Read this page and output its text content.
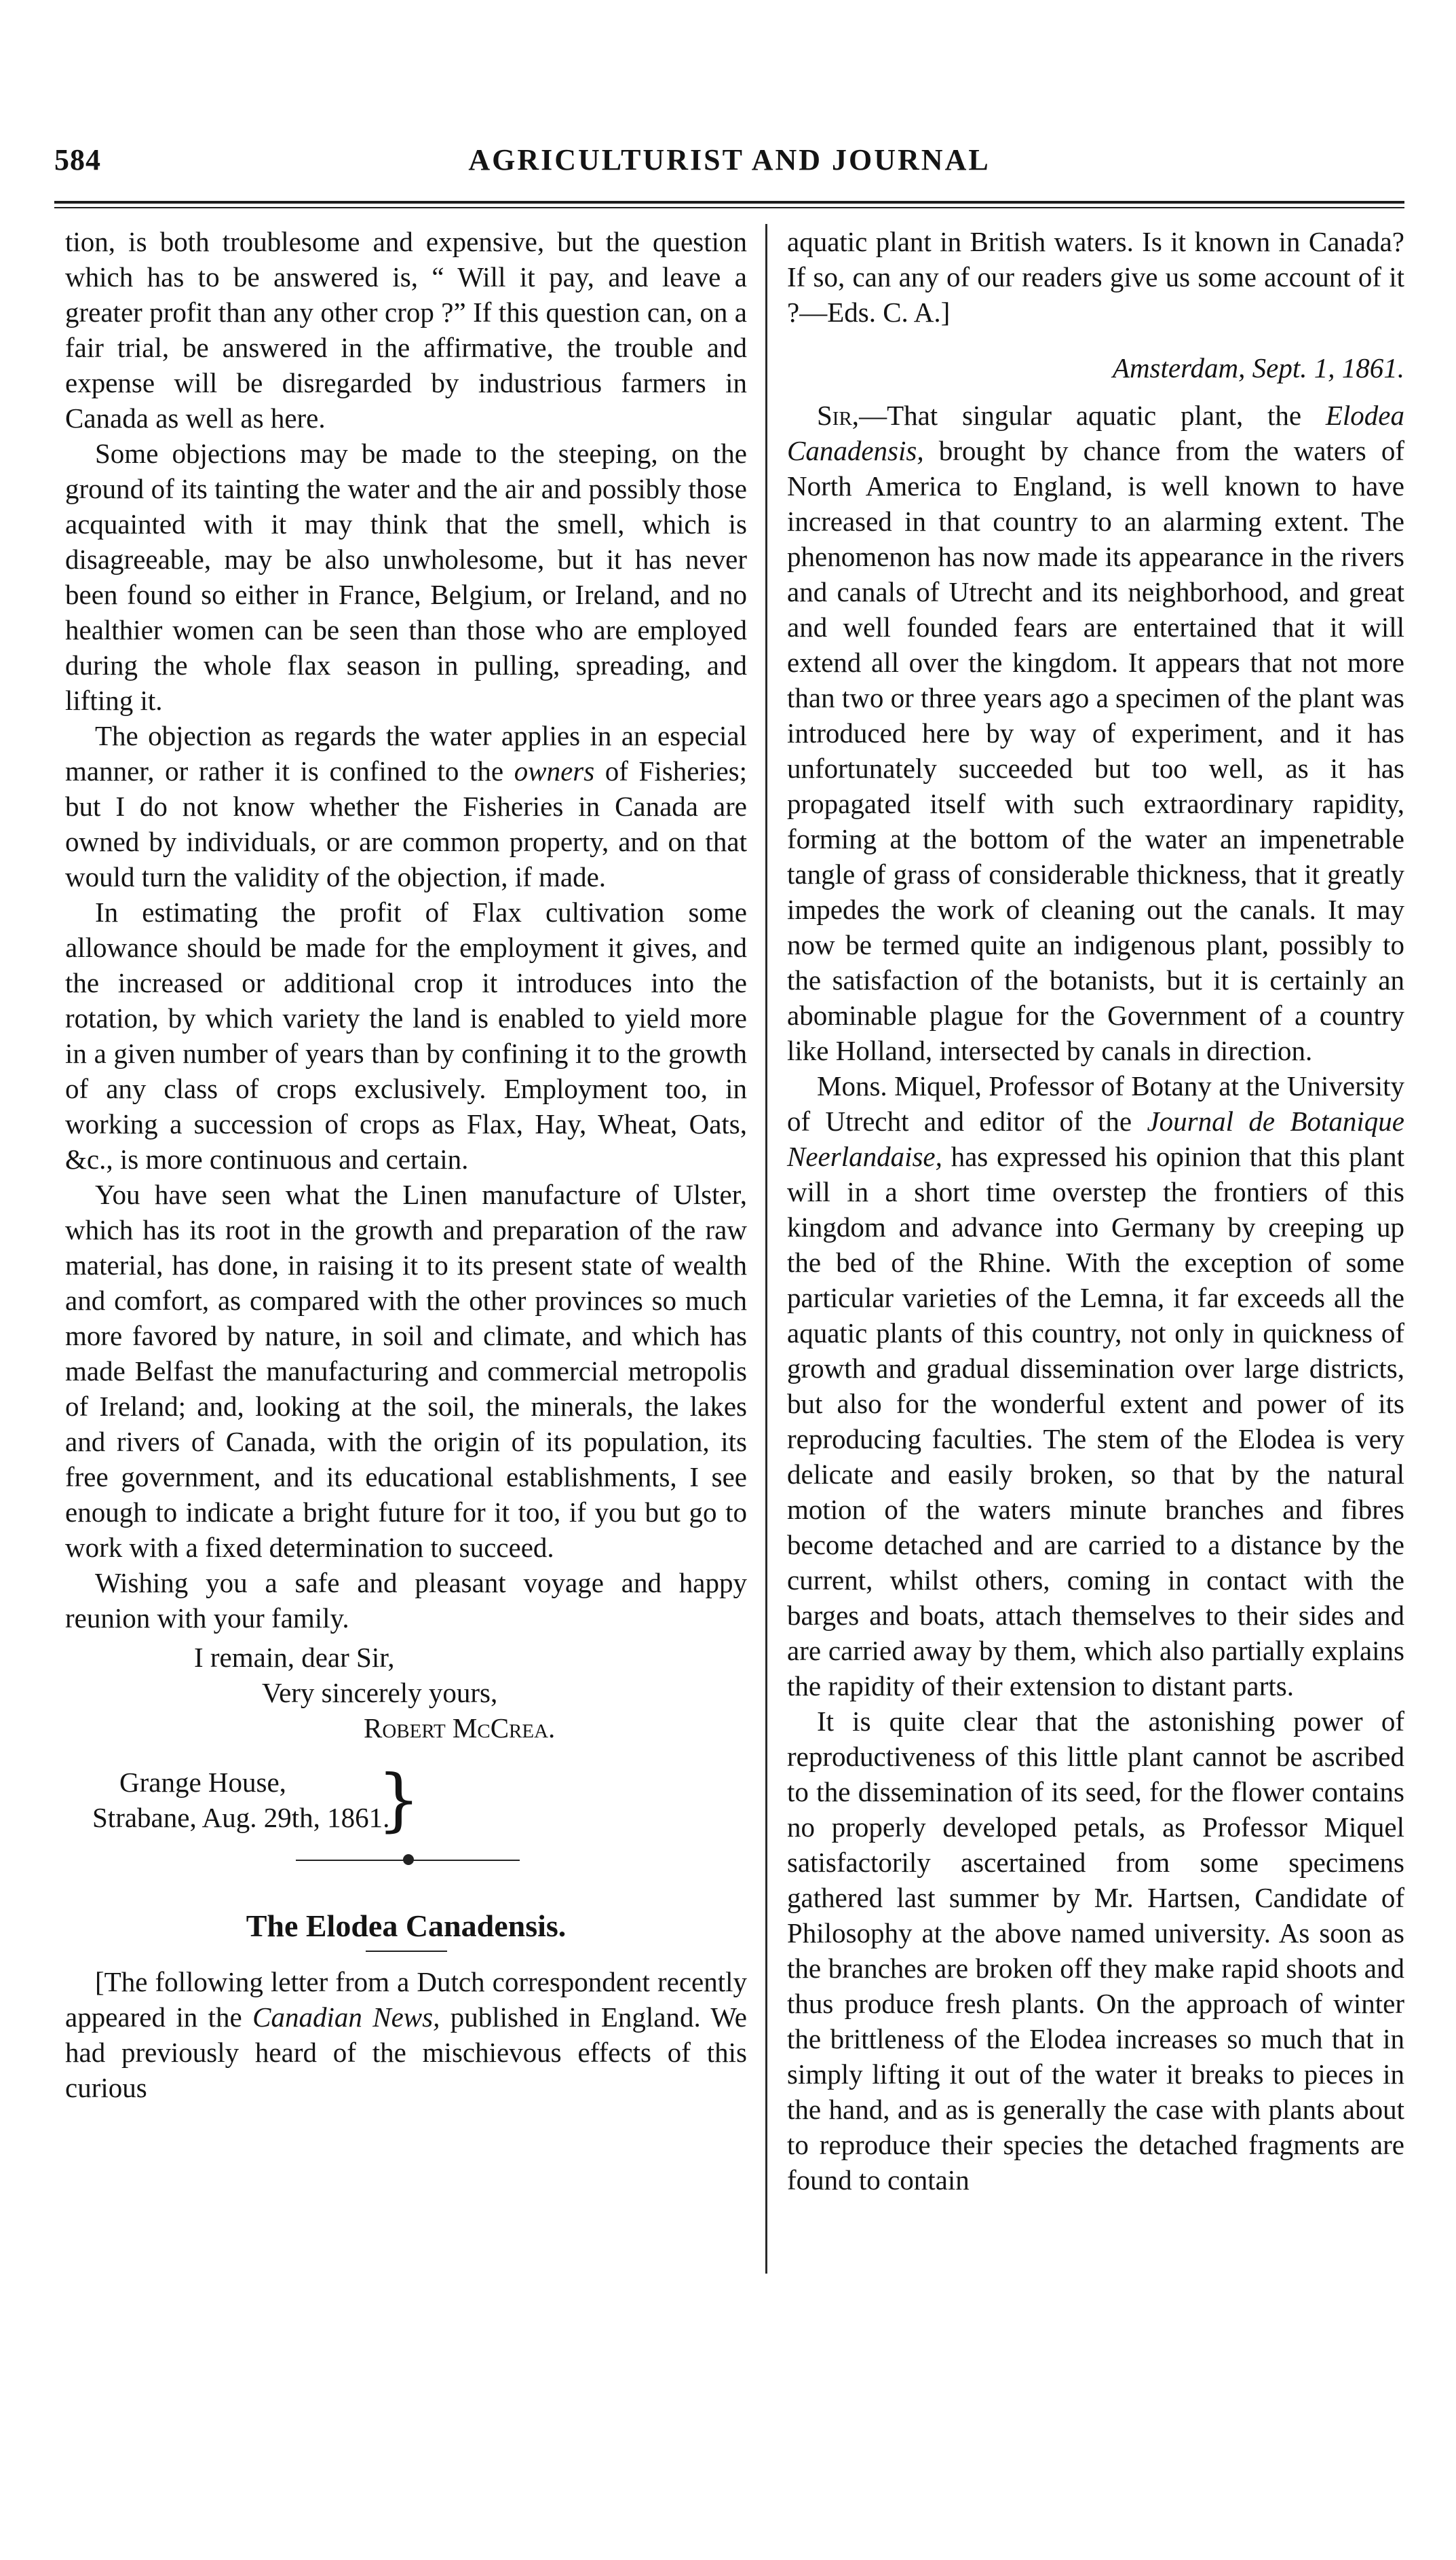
584	AGRICULTURIST AND JOURNAL

tion, is both troublesome and expensive, but the question which has to be answered is, “ Will it pay, and leave a greater profit than any other crop ?” If this question can, on a fair trial, be answered in the affirmative, the trouble and expense will be disregarded by industrious farmers in Canada as well as here.

Some objections may be made to the steeping, on the ground of its tainting the water and the air and possibly those acquainted with it may think that the smell, which is disagreeable, may be also unwholesome, but it has never been found so either in France, Belgium, or Ireland, and no healthier women can be seen than those who are employed during the whole flax season in pulling, spreading, and lifting it.

The objection as regards the water applies in an especial manner, or rather it is confined to the owners of Fisheries; but I do not know whether the Fisheries in Canada are owned by individuals, or are common property, and on that would turn the validity of the objection, if made.

In estimating the profit of Flax cultivation some allowance should be made for the employment it gives, and the increased or additional crop it introduces into the rotation, by which variety the land is enabled to yield more in a given number of years than by confining it to the growth of any class of crops exclusively. Employment too, in working a succession of crops as Flax, Hay, Wheat, Oats, &c., is more continuous and certain.

You have seen what the Linen manufacture of Ulster, which has its root in the growth and preparation of the raw material, has done, in raising it to its present state of wealth and comfort, as compared with the other provinces so much more favored by nature, in soil and climate, and which has made Belfast the manufacturing and commercial metropolis of Ireland; and, looking at the soil, the minerals, the lakes and rivers of Canada, with the origin of its population, its free government, and its educational establishments, I see enough to indicate a bright future for it too, if you but go to work with a fixed determination to succeed.

Wishing you a safe and pleasant voyage and happy reunion with your family.

I remain, dear Sir,
Very sincerely yours,
Robert McCrea.
Grange House,
Strabane, Aug. 29th, 1861.
}
The Elodea Canadensis.

[The following letter from a Dutch correspondent recently appeared in the Canadian News, published in England. We had previously heard of the mischievous effects of this curious

aquatic plant in British waters. Is it known in Canada? If so, can any of our readers give us some account of it ?—Eds. C. A.]

Amsterdam, Sept. 1, 1861.

Sir,—That singular aquatic plant, the Elodea Canadensis, brought by chance from the waters of North America to England, is well known to have increased in that country to an alarming extent. The phenomenon has now made its appearance in the rivers and canals of Utrecht and its neighborhood, and great and well founded fears are entertained that it will extend all over the kingdom. It appears that not more than two or three years ago a specimen of the plant was introduced here by way of experiment, and it has unfortunately succeeded but too well, as it has propagated itself with such extraordinary rapidity, forming at the bottom of the water an impenetrable tangle of grass of considerable thickness, that it greatly impedes the work of cleaning out the canals. It may now be termed quite an indigenous plant, possibly to the satisfaction of the botanists, but it is certainly an abominable plague for the Government of a country like Holland, intersected by canals in direction.

Mons. Miquel, Professor of Botany at the University of Utrecht and editor of the Journal de Botanique Neerlandaise, has expressed his opinion that this plant will in a short time overstep the frontiers of this kingdom and advance into Germany by creeping up the bed of the Rhine. With the exception of some particular varieties of the Lemna, it far exceeds all the aquatic plants of this country, not only in quickness of growth and gradual dissemination over large districts, but also for the wonderful extent and power of its reproducing faculties. The stem of the Elodea is very delicate and easily broken, so that by the natural motion of the waters minute branches and fibres become detached and are carried to a distance by the current, whilst others, coming in contact with the barges and boats, attach themselves to their sides and are carried away by them, which also partially explains the rapidity of their extension to distant parts.

It is quite clear that the astonishing power of reproductiveness of this little plant cannot be ascribed to the dissemination of its seed, for the flower contains no properly developed petals, as Professor Miquel satisfactorily ascertained from some specimens gathered last summer by Mr. Hartsen, Candidate of Philosophy at the above named university. As soon as the branches are broken off they make rapid shoots and thus produce fresh plants. On the approach of winter the brittleness of the Elodea increases so much that in simply lifting it out of the water it breaks to pieces in the hand, and as is generally the case with plants about to reproduce their species the detached fragments are found to contain
